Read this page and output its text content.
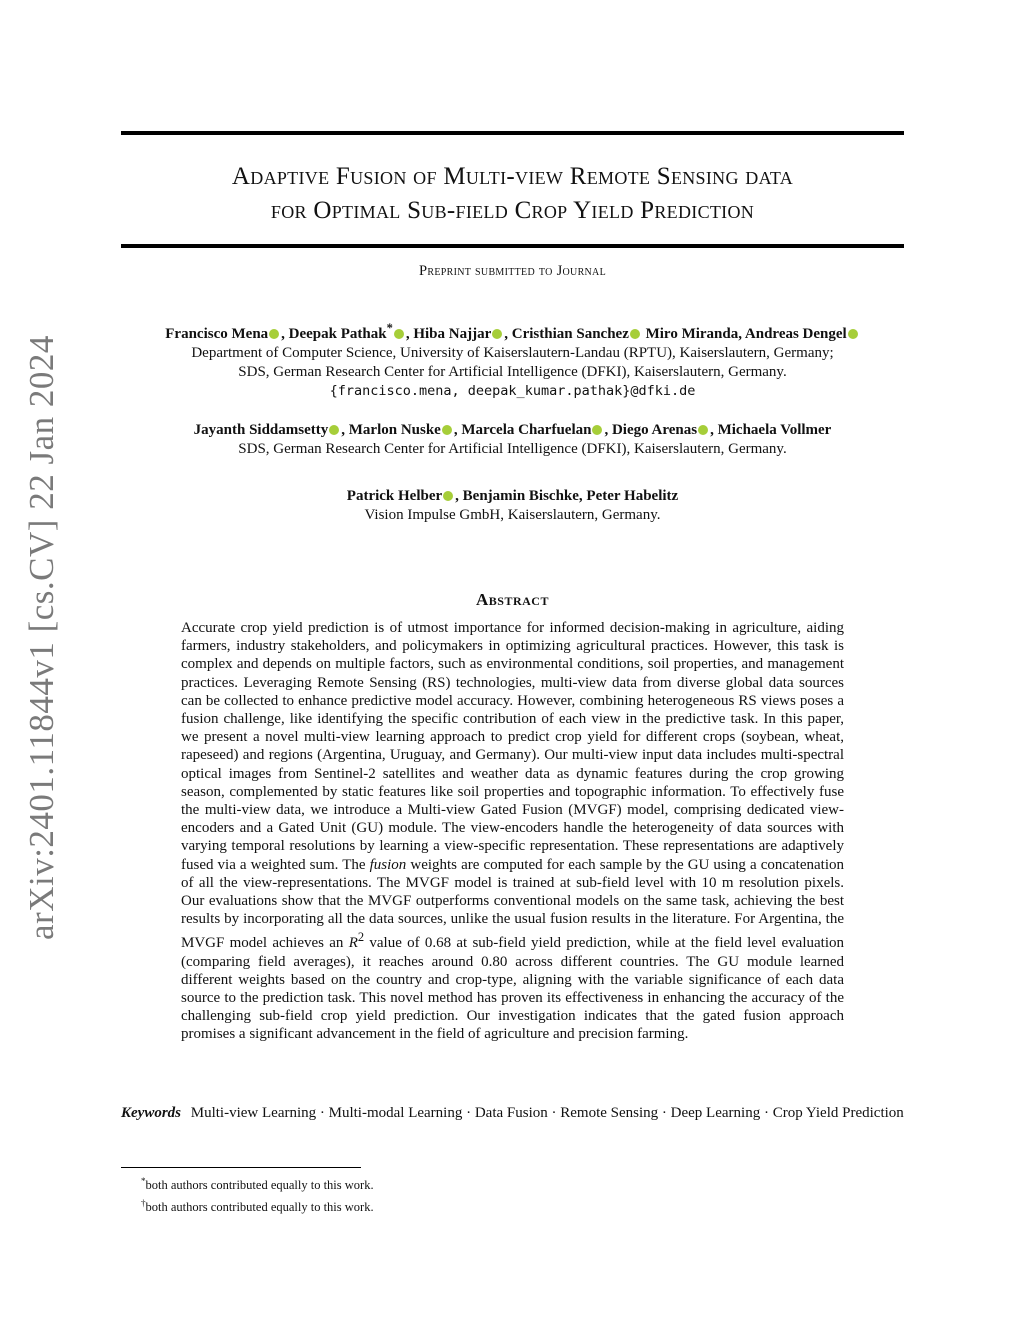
arXiv:2401.11844v1 [cs.CV] 22 Jan 2024
Adaptive Fusion of Multi-view Remote Sensing data
for Optimal Sub-field Crop Yield Prediction
Preprint submitted to Journal
Francisco Mena , Deepak Pathak* , Hiba Najjar , Cristhian Sanchez Miro Miranda, Andreas Dengel
Department of Computer Science, University of Kaiserslautern-Landau (RPTU), Kaiserslautern, Germany;
SDS, German Research Center for Artificial Intelligence (DFKI), Kaiserslautern, Germany.
{francisco.mena, deepak_kumar.pathak}@dfki.de
Jayanth Siddamsetty , Marlon Nuske , Marcela Charfuelan , Diego Arenas , Michaela Vollmer
SDS, German Research Center for Artificial Intelligence (DFKI), Kaiserslautern, Germany.
Patrick Helber , Benjamin Bischke, Peter Habelitz
Vision Impulse GmbH, Kaiserslautern, Germany.
Abstract
Accurate crop yield prediction is of utmost importance for informed decision-making in agriculture, aiding farmers, industry stakeholders, and policymakers in optimizing agricultural practices. However, this task is complex and depends on multiple factors, such as environmental conditions, soil properties, and management practices. Leveraging Remote Sensing (RS) technologies, multi-view data from diverse global data sources can be collected to enhance predictive model accuracy. However, combining heterogeneous RS views poses a fusion challenge, like identifying the specific contribution of each view in the predictive task. In this paper, we present a novel multi-view learning approach to predict crop yield for different crops (soybean, wheat, rapeseed) and regions (Argentina, Uruguay, and Germany). Our multi-view input data includes multi-spectral optical images from Sentinel-2 satellites and weather data as dynamic features during the crop growing season, complemented by static features like soil properties and topographic information. To effectively fuse the multi-view data, we introduce a Multi-view Gated Fusion (MVGF) model, comprising dedicated view-encoders and a Gated Unit (GU) module. The view-encoders handle the heterogeneity of data sources with varying temporal resolutions by learning a view-specific representation. These representations are adaptively fused via a weighted sum. The fusion weights are computed for each sample by the GU using a concatenation of all the view-representations. The MVGF model is trained at sub-field level with 10 m resolution pixels. Our evaluations show that the MVGF outperforms conventional models on the same task, achieving the best results by incorporating all the data sources, unlike the usual fusion results in the literature. For Argentina, the MVGF model achieves an $R^2$ value of 0.68 at sub-field yield prediction, while at the field level evaluation (comparing field averages), it reaches around 0.80 across different countries. The GU module learned different weights based on the country and crop-type, aligning with the variable significance of each data source to the prediction task. This novel method has proven its effectiveness in enhancing the accuracy of the challenging sub-field crop yield prediction. Our investigation indicates that the gated fusion approach promises a significant advancement in the field of agriculture and precision farming.
Keywords Multi-view Learning · Multi-modal Learning · Data Fusion · Remote Sensing · Deep Learning · Crop Yield Prediction
*both authors contributed equally to this work.
†both authors contributed equally to this work.
